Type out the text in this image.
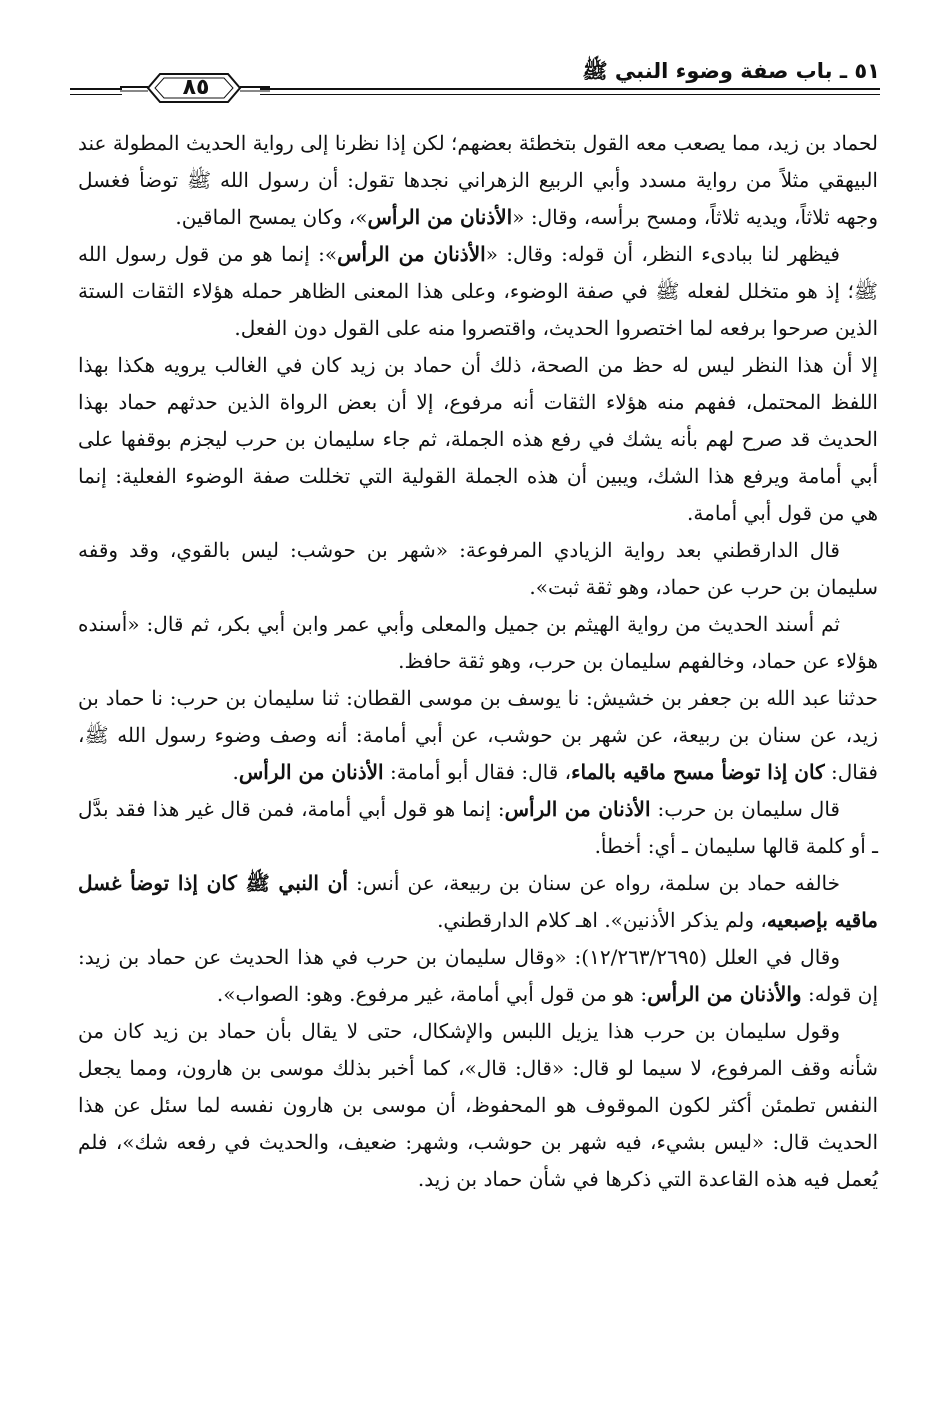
٥١ ـ باب صفة وضوء النبي ﷺ
٨٥

لحماد بن زيد، مما يصعب معه القول بتخطئة بعضهم؛ لكن إذا نظرنا إلى رواية الحديث المطولة عند البيهقي مثلاً من رواية مسدد وأبي الربيع الزهراني نجدها تقول: أن رسول الله ﷺ توضأ فغسل وجهه ثلاثاً، ويديه ثلاثاً، ومسح برأسه، وقال: «الأذنان من الرأس»، وكان يمسح الماقين.

فيظهر لنا ببادىء النظر، أن قوله: وقال: «الأذنان من الرأس»: إنما هو من قول رسول الله ﷺ؛ إذ هو متخلل لفعله ﷺ في صفة الوضوء، وعلى هذا المعنى الظاهر حمله هؤلاء الثقات الستة الذين صرحوا برفعه لما اختصروا الحديث، واقتصروا منه على القول دون الفعل.

إلا أن هذا النظر ليس له حظ من الصحة، ذلك أن حماد بن زيد كان في الغالب يرويه هكذا بهذا اللفظ المحتمل، ففهم منه هؤلاء الثقات أنه مرفوع، إلا أن بعض الرواة الذين حدثهم حماد بهذا الحديث قد صرح لهم بأنه يشك في رفع هذه الجملة، ثم جاء سليمان بن حرب ليجزم بوقفها على أبي أمامة ويرفع هذا الشك، ويبين أن هذه الجملة القولية التي تخللت صفة الوضوء الفعلية: إنما هي من قول أبي أمامة.

قال الدارقطني بعد رواية الزيادي المرفوعة: «شهر بن حوشب: ليس بالقوي، وقد وقفه سليمان بن حرب عن حماد، وهو ثقة ثبت».

ثم أسند الحديث من رواية الهيثم بن جميل والمعلى وأبي عمر وابن أبي بكر، ثم قال: «أسنده هؤلاء عن حماد، وخالفهم سليمان بن حرب، وهو ثقة حافظ.

حدثنا عبد الله بن جعفر بن خشيش: نا يوسف بن موسى القطان: ثنا سليمان بن حرب: نا حماد بن زيد، عن سنان بن ربيعة، عن شهر بن حوشب، عن أبي أمامة: أنه وصف وضوء رسول الله ﷺ، فقال: كان إذا توضأ مسح ماقيه بالماء، قال: فقال أبو أمامة: الأذنان من الرأس.

قال سليمان بن حرب: الأذنان من الرأس: إنما هو قول أبي أمامة، فمن قال غير هذا فقد بدَّل ـ أو كلمة قالها سليمان ـ أي: أخطأ.

خالفه حماد بن سلمة، رواه عن سنان بن ربيعة، عن أنس: أن النبي ﷺ كان إذا توضأ غسل ماقيه بإصبعيه، ولم يذكر الأذنين». اهـ كلام الدارقطني.

وقال في العلل (١٢/٢٦٣/٢٦٩٥): «وقال سليمان بن حرب في هذا الحديث عن حماد بن زيد: إن قوله: والأذنان من الرأس: هو من قول أبي أمامة، غير مرفوع. وهو: الصواب».

وقول سليمان بن حرب هذا يزيل اللبس والإشكال، حتى لا يقال بأن حماد بن زيد كان من شأنه وقف المرفوع، لا سيما لو قال: «قال: قال»، كما أخبر بذلك موسى بن هارون، ومما يجعل النفس تطمئن أكثر لكون الموقوف هو المحفوظ، أن موسى بن هارون نفسه لما سئل عن هذا الحديث قال: «ليس بشيء، فيه شهر بن حوشب، وشهر: ضعيف، والحديث في رفعه شك»، فلم يُعمل فيه هذه القاعدة التي ذكرها في شأن حماد بن زيد.
